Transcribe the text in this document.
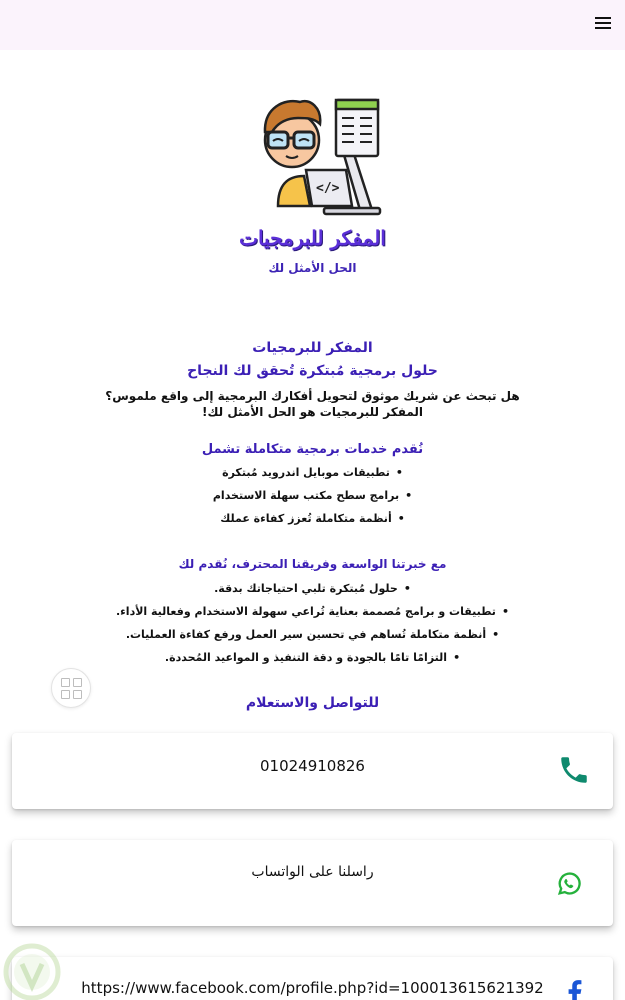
</>
المفكر للبرمجيات
الحل الأمثل لك
المفكر للبرمجيات
حلول برمجية مُبتكرة تُحقق لك النجاح
هل تبحث عن شريك موثوق لتحويل أفكارك البرمجية إلى واقع ملموس؟
المفكر للبرمجيات هو الحل الأمثل لك!
نُقدم خدمات برمجية متكاملة تشمل
• تطبيقات موبايل اندرويد مُبتكرة
• برامج سطح مكتب سهلة الاستخدام
• أنظمة متكاملة تُعزز كفاءة عملك
مع خبرتنا الواسعة وفريقنا المحترف، نُقدم لك
• حلول مُبتكرة تلبي احتياجاتك بدقة.
• تطبيقات و برامج مُصممة بعناية تُراعي سهولة الاستخدام وفعالية الأداء.
• أنظمة متكاملة تُساهم في تحسين سير العمل ورفع كفاءة العمليات.
• التزامًا تامًا بالجودة و دقة التنفيذ و المواعيد المُحددة.
للتواصل والاستعلام
01024910826
راسلنا على الواتساب
https://www.facebook.com/profile.php?id=100013615621392
